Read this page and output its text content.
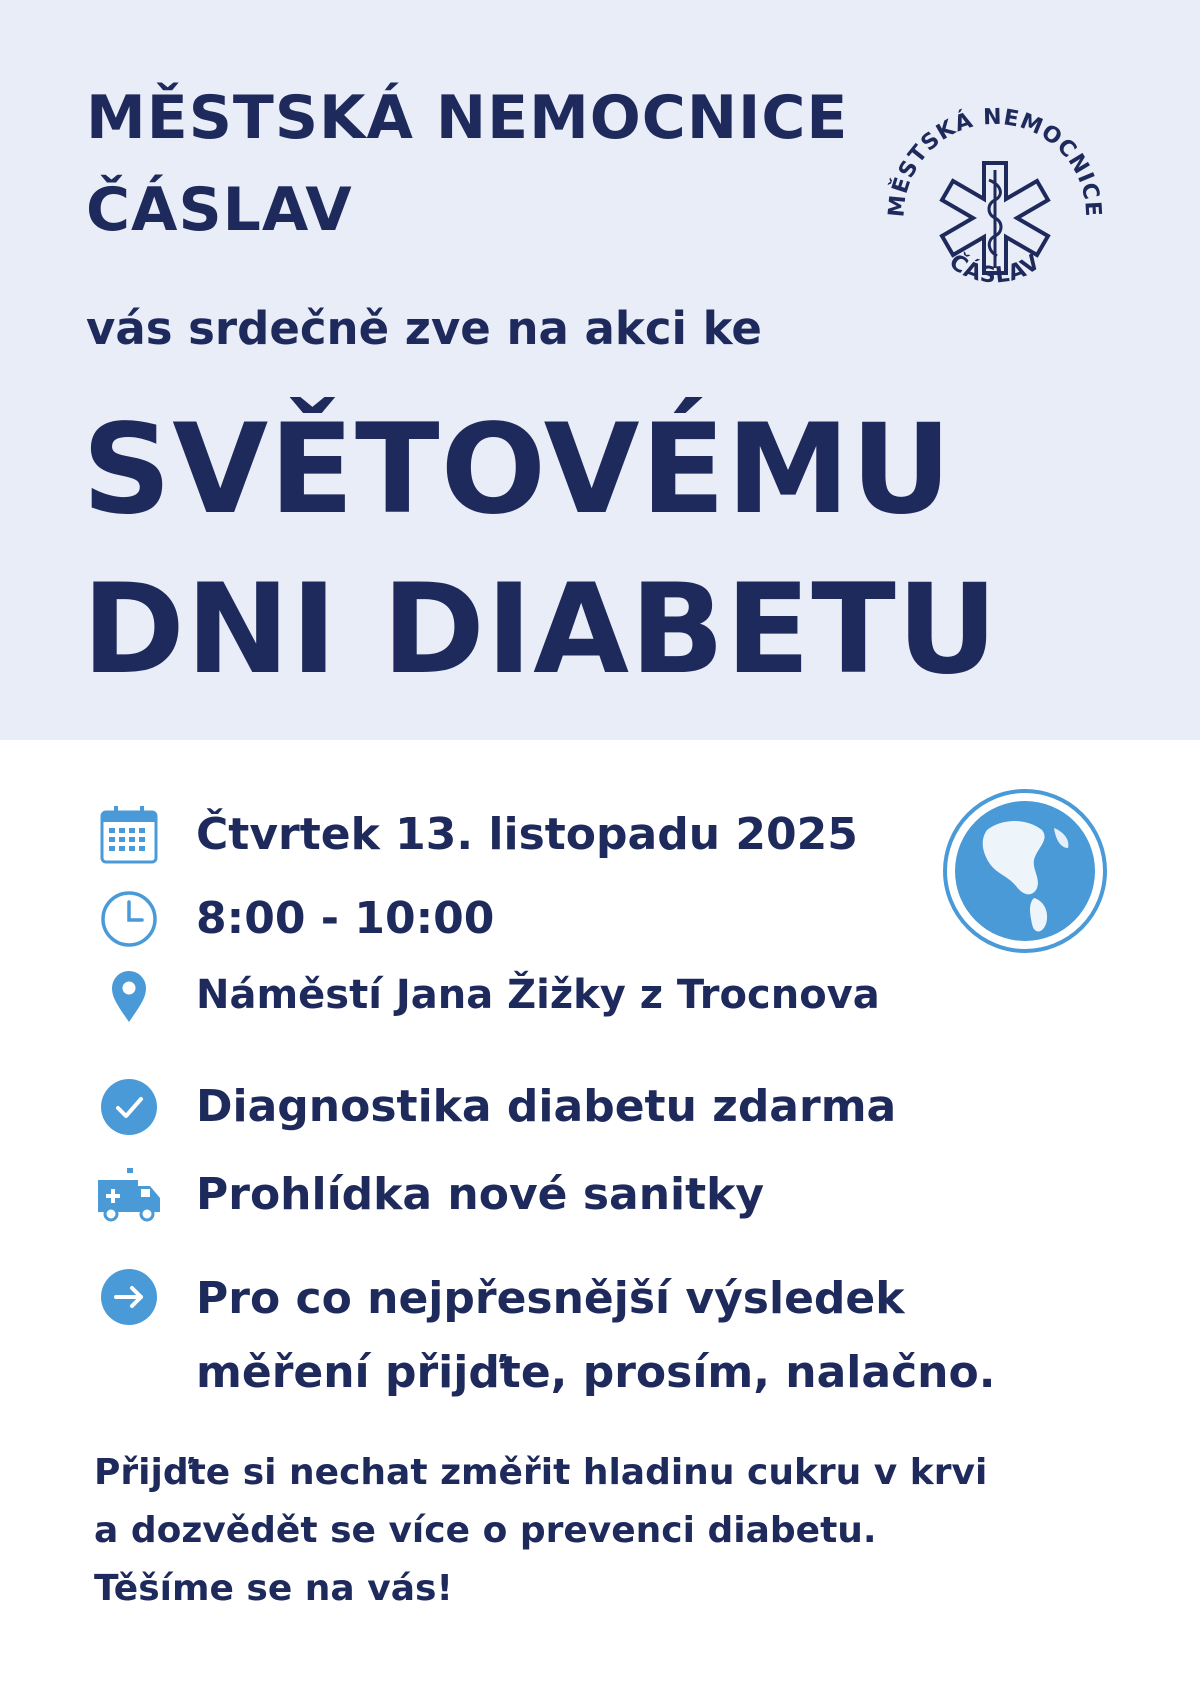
MĚSTSKÁ NEMOCNICE
ČÁSLAV	MĚSTSKÁ NEMOCNICE
ČÁSLAV
vás srdečně zve na akci ke
SVĚTOVÉMU
DNI DIABETU
Čtvrtek 13. listopadu 2025
8:00 - 10:00
Náměstí Jana Žižky z Trocnova
Diagnostika diabetu zdarma
Prohlídka nové sanitky
Pro co nejpřesnější výsledek
měření přijďte, prosím, nalačno.
Přijďte si nechat změřit hladinu cukru v krvi
a dozvědět se více o prevenci diabetu.
Těšíme se na vás!
